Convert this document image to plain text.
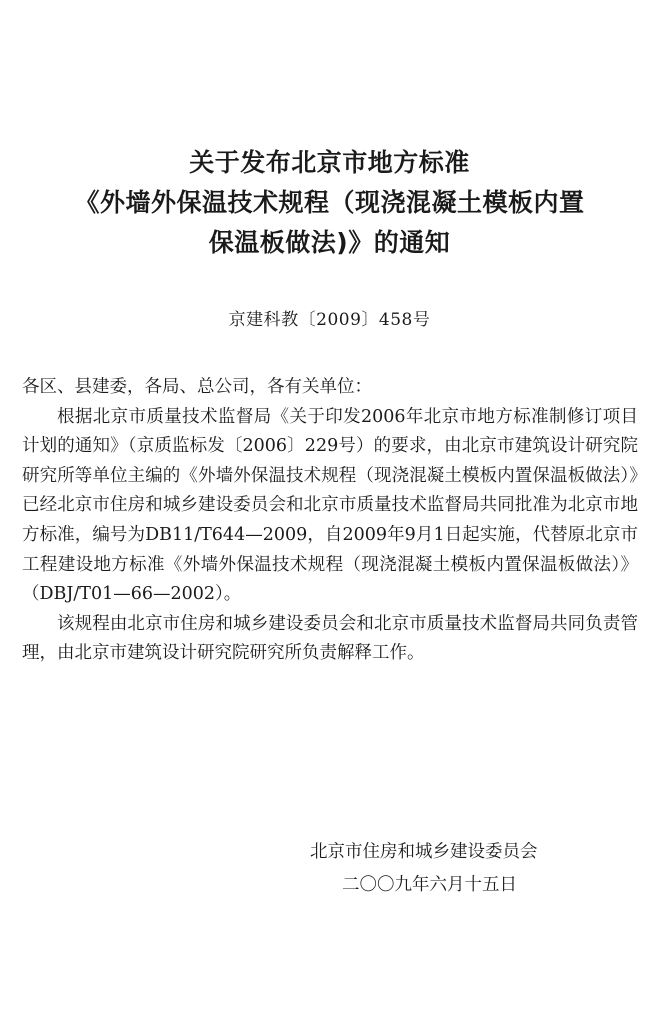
关于发布北京市地方标准
《外墙外保温技术规程（现浇混凝土模板内置
保温板做法)》的通知
京建科教〔2009〕458号

各区、县建委，各局、总公司，各有关单位：

根据北京市质量技术监督局《关于印发2006年北京市地方标准制修订项目计划的通知》（京质监标发〔2006〕229号）的要求，由北京市建筑设计研究院研究所等单位主编的《外墙外保温技术规程（现浇混凝土模板内置保温板做法）》已经北京市住房和城乡建设委员会和北京市质量技术监督局共同批准为北京市地方标准，编号为DB11/T644—2009，自2009年9月1日起实施，代替原北京市工程建设地方标准《外墙外保温技术规程（现浇混凝土模板内置保温板做法）》（DBJ/T01—66—2002）。

该规程由北京市住房和城乡建设委员会和北京市质量技术监督局共同负责管理，由北京市建筑设计研究院研究所负责解释工作。

北京市住房和城乡建设委员会
二〇〇九年六月十五日
